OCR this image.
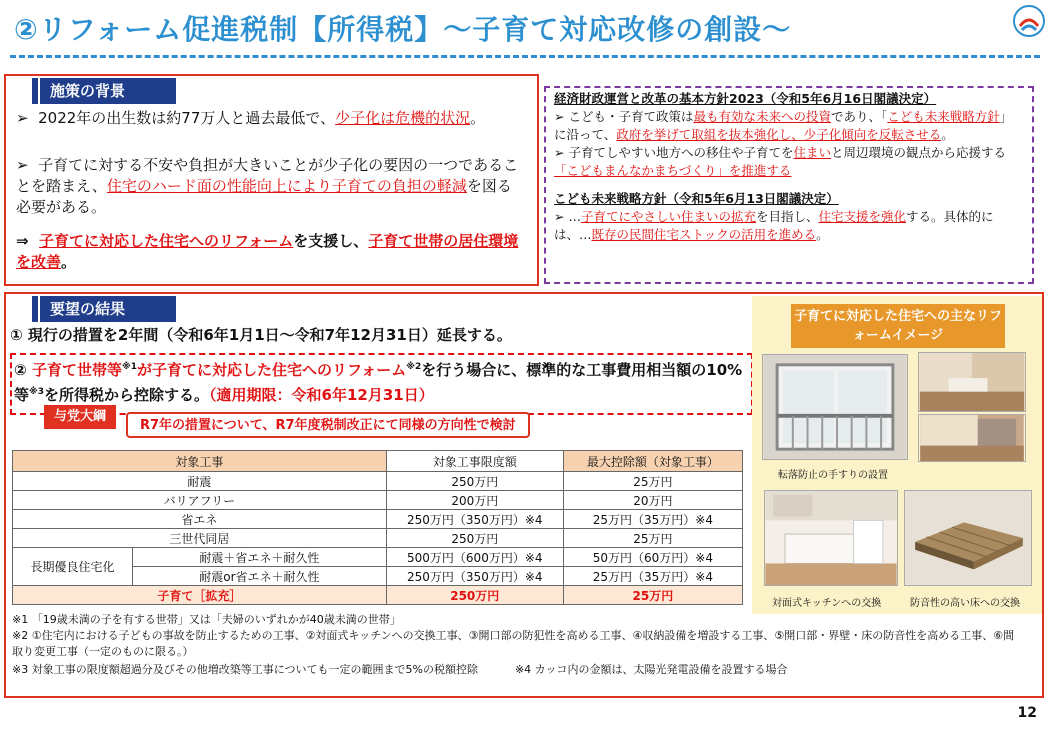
②リフォーム促進税制【所得税】〜子育て対応改修の創設〜
施策の背景
➢  2022年の出生数は約77万人と過去最低で、少子化は危機的状況。
➢  子育てに対する不安や負担が大きいことが少子化の要因の一つであることを踏まえ、住宅のハード面の性能向上により子育ての負担の軽減を図る必要がある。
⇒  子育てに対応した住宅へのリフォームを支援し、子育て世帯の居住環境を改善。
経済財政運営と改革の基本方針2023（令和5年6月16日閣議決定）
➢ こども・子育て政策は最も有効な未来への投資であり、「こども未来戦略方針」に沿って、政府を挙げて取組を抜本強化し、少子化傾向を反転させる。
➢ 子育てしやすい地方への移住や子育てを住まいと周辺環境の観点から応援する「こどもまんなかまちづくり」を推進する
こども未来戦略方針（令和5年6月13日閣議決定）
➢ …子育てにやさしい住まいの拡充を目指し、住宅支援を強化する。具体的には、…既存の民間住宅ストックの活用を進める。
要望の結果
① 現行の措置を2年間（令和6年1月1日〜令和7年12月31日）延長する。
② 子育て世帯等$^{※1}$が子育てに対応した住宅へのリフォーム$^{※2}$を行う場合に、標準的な工事費用相当額の10%等$^{※3}$を所得税から控除する。（適用期限：令和6年12月31日）
R7年の措置について、R7年度税制改正にて同様の方向性で検討
与党大綱
対象工事		対象工事限度額	最大控除額（対象工事）
耐震		250万円	25万円
バリアフリー		200万円	20万円
省エネ		250万円（350万円）※4	25万円（35万円）※4
三世代同居		250万円	25万円
長期優良住宅化	耐震＋省エネ＋耐久性	500万円（600万円）※4	50万円（60万円）※4
	耐震or省エネ＋耐久性	250万円（350万円）※4	25万円（35万円）※4
子育て［拡充］		250万円	25万円
※1 「19歳未満の子を有する世帯」又は「夫婦のいずれかが40歳未満の世帯」
※2 ①住宅内における子どもの事故を防止するための工事、②対面式キッチンへの交換工事、③開口部の防犯性を高める工事、④収納設備を増設する工事、⑤開口部・界壁・床の防音性を高める工事、⑥間取り変更工事（一定のものに限る。）
※3 対象工事の限度額超過分及びその他増改築等工事についても一定の範囲まで5%の税額控除	※4 カッコ内の金額は、太陽光発電設備を設置する場合
子育てに対応した住宅への主なリフォームイメージ
転落防止の手すりの設置
対面式キッチンへの交換	防音性の高い床への交換
12
